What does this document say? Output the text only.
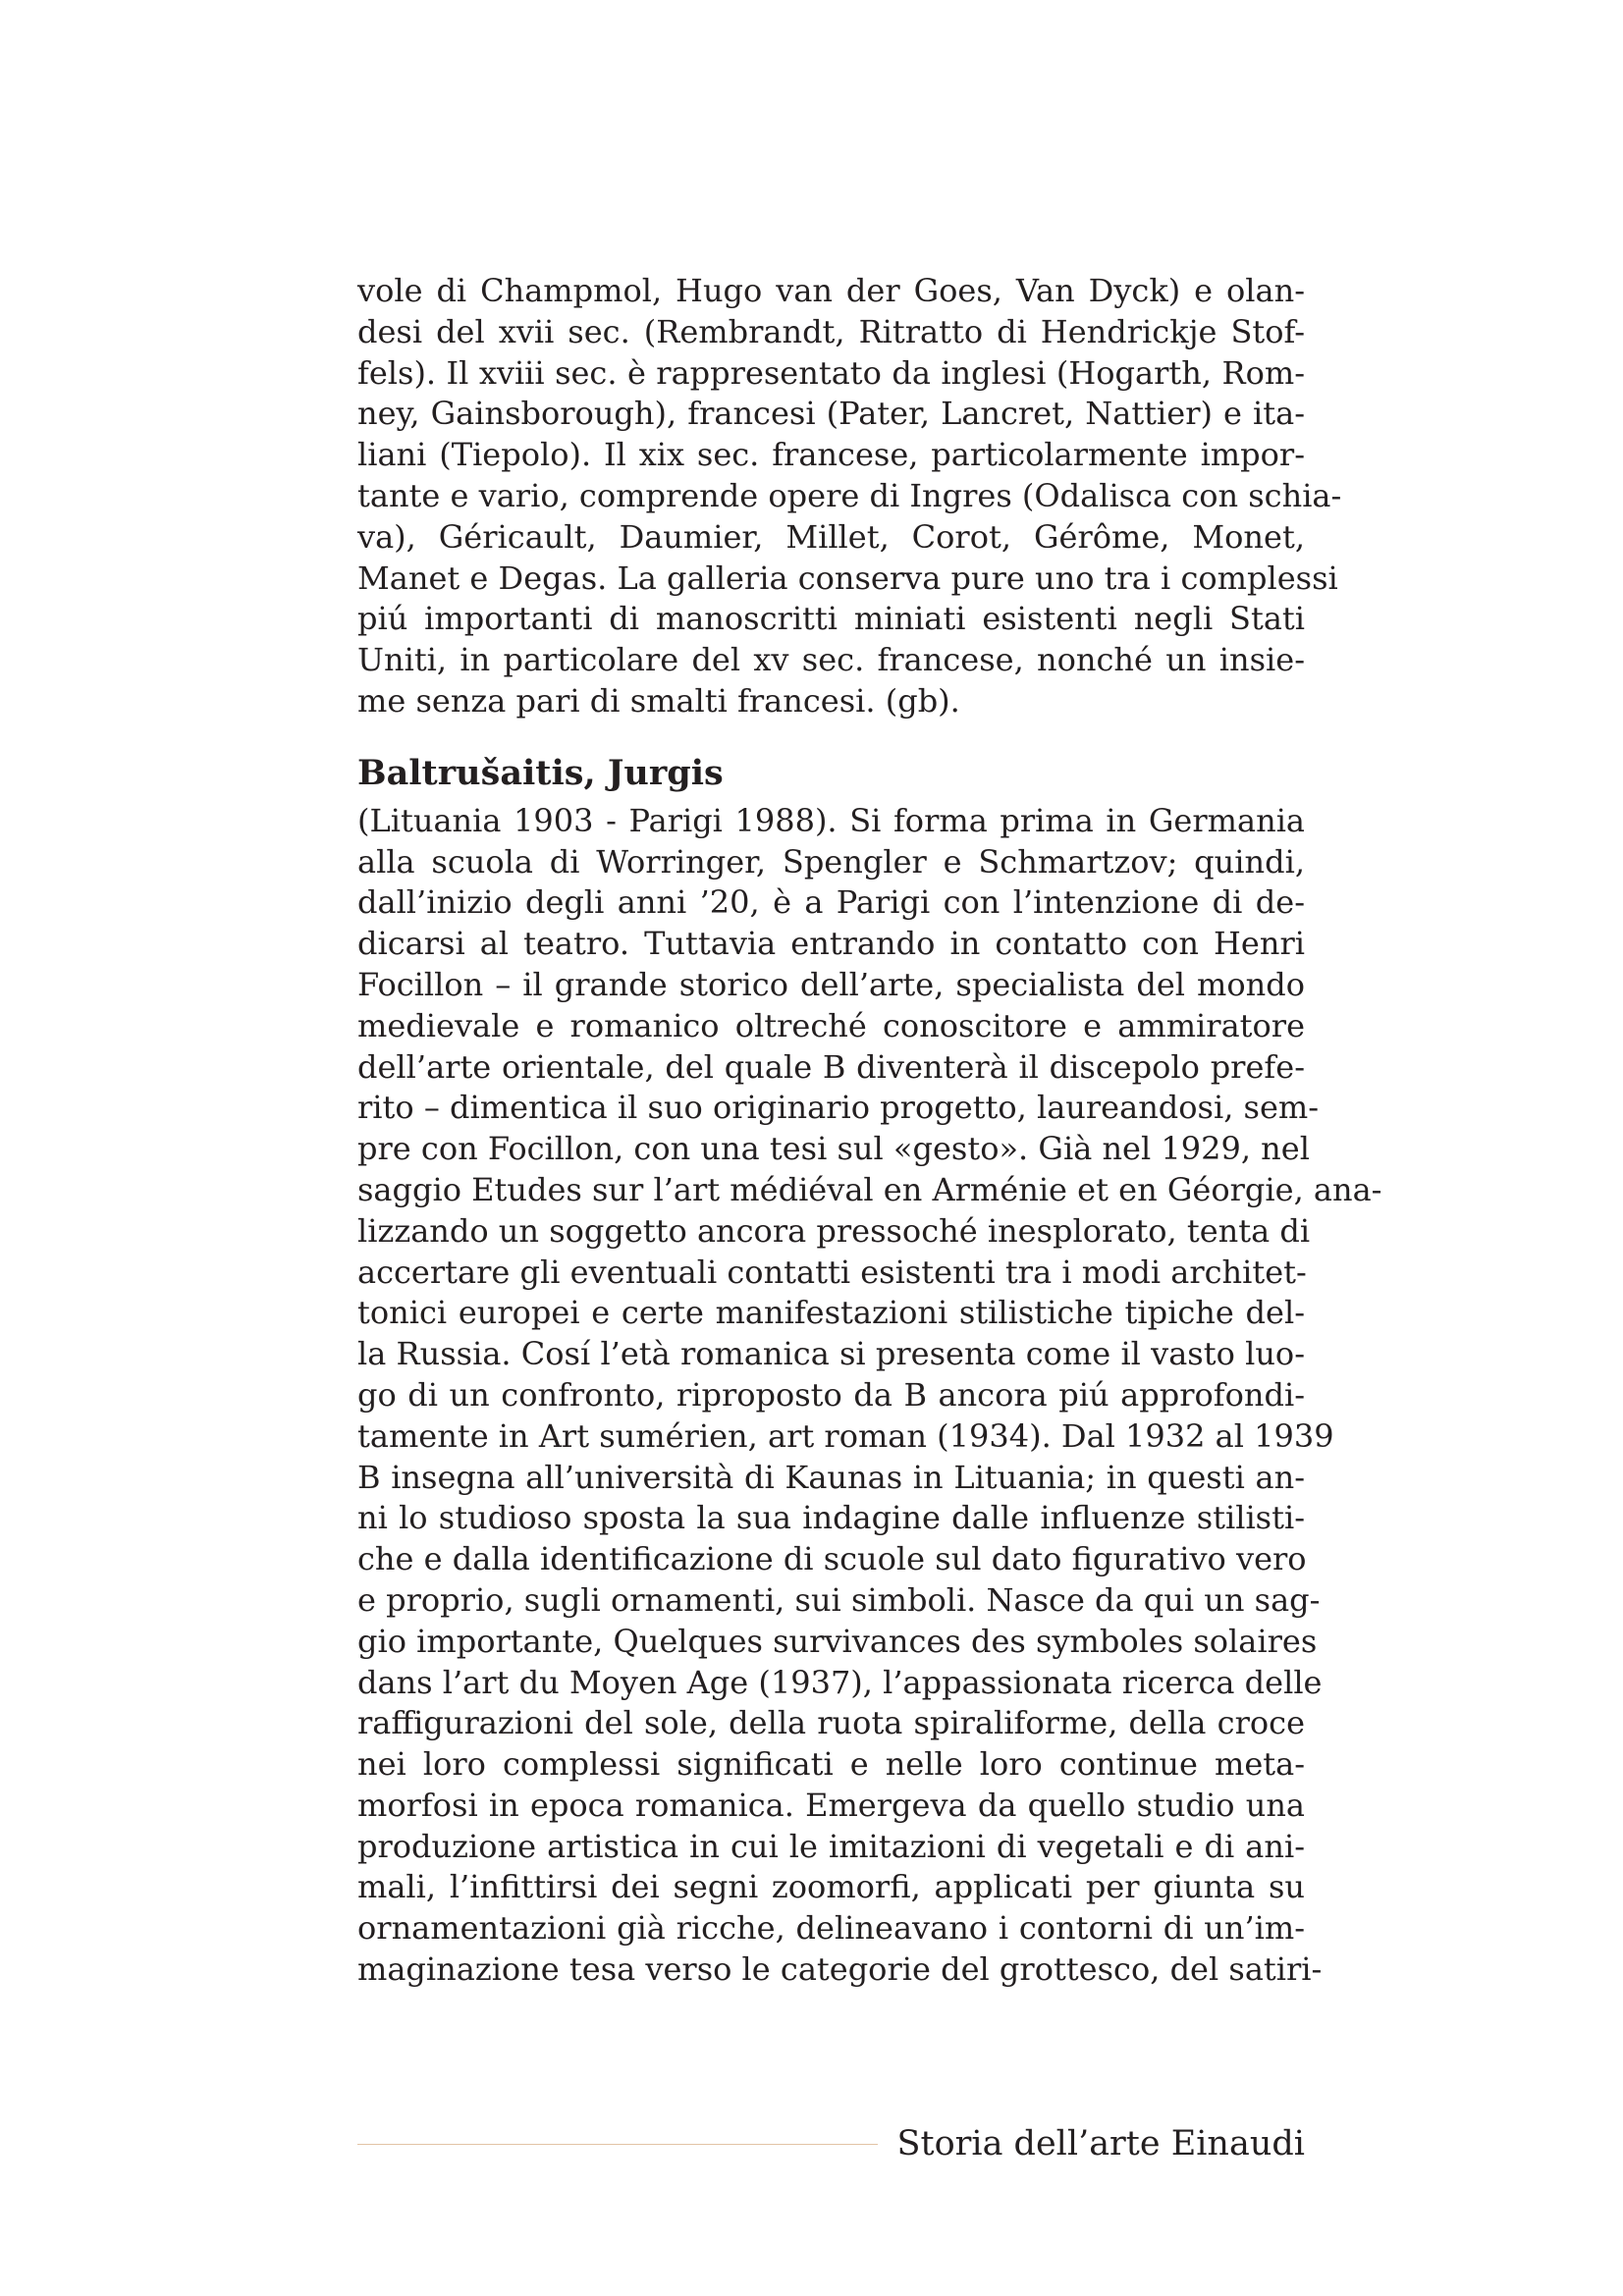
vole di Champmol, Hugo van der Goes, Van Dyck) e olan-
desi del xvii sec. (Rembrandt, Ritratto di Hendrickje Stof-
fels). Il xviii sec. è rappresentato da inglesi (Hogarth, Rom-
ney, Gainsborough), francesi (Pater, Lancret, Nattier) e ita-
liani (Tiepolo). Il xix sec. francese, particolarmente impor-
tante e vario, comprende opere di Ingres (Odalisca con schia-
va), Géricault, Daumier, Millet, Corot, Gérôme, Monet,
Manet e Degas. La galleria conserva pure uno tra i complessi
piú importanti di manoscritti miniati esistenti negli Stati
Uniti, in particolare del xv sec. francese, nonché un insie-
me senza pari di smalti francesi. (gb).
Baltrušaitis, Jurgis
(Lituania 1903 - Parigi 1988). Si forma prima in Germania
alla scuola di Worringer, Spengler e Schmartzov; quindi,
dall’inizio degli anni ’20, è a Parigi con l’intenzione di de-
dicarsi al teatro. Tuttavia entrando in contatto con Henri
Focillon – il grande storico dell’arte, specialista del mondo
medievale e romanico oltreché conoscitore e ammiratore
dell’arte orientale, del quale B diventerà il discepolo prefe-
rito – dimentica il suo originario progetto, laureandosi, sem-
pre con Focillon, con una tesi sul «gesto». Già nel 1929, nel
saggio Etudes sur l’art médiéval en Arménie et en Géorgie, ana-
lizzando un soggetto ancora pressoché inesplorato, tenta di
accertare gli eventuali contatti esistenti tra i modi architet-
tonici europei e certe manifestazioni stilistiche tipiche del-
la Russia. Cosí l’età romanica si presenta come il vasto luo-
go di un confronto, riproposto da B ancora piú approfondi-
tamente in Art sumérien, art roman (1934). Dal 1932 al 1939
B insegna all’università di Kaunas in Lituania; in questi an-
ni lo studioso sposta la sua indagine dalle influenze stilisti-
che e dalla identificazione di scuole sul dato figurativo vero
e proprio, sugli ornamenti, sui simboli. Nasce da qui un sag-
gio importante, Quelques survivances des symboles solaires
dans l’art du Moyen Age (1937), l’appassionata ricerca delle
raffigurazioni del sole, della ruota spiraliforme, della croce
nei loro complessi significati e nelle loro continue meta-
morfosi in epoca romanica. Emergeva da quello studio una
produzione artistica in cui le imitazioni di vegetali e di ani-
mali, l’infittirsi dei segni zoomorfi, applicati per giunta su
ornamentazioni già ricche, delineavano i contorni di un’im-
maginazione tesa verso le categorie del grottesco, del satiri-
Storia dell’arte Einaudi
